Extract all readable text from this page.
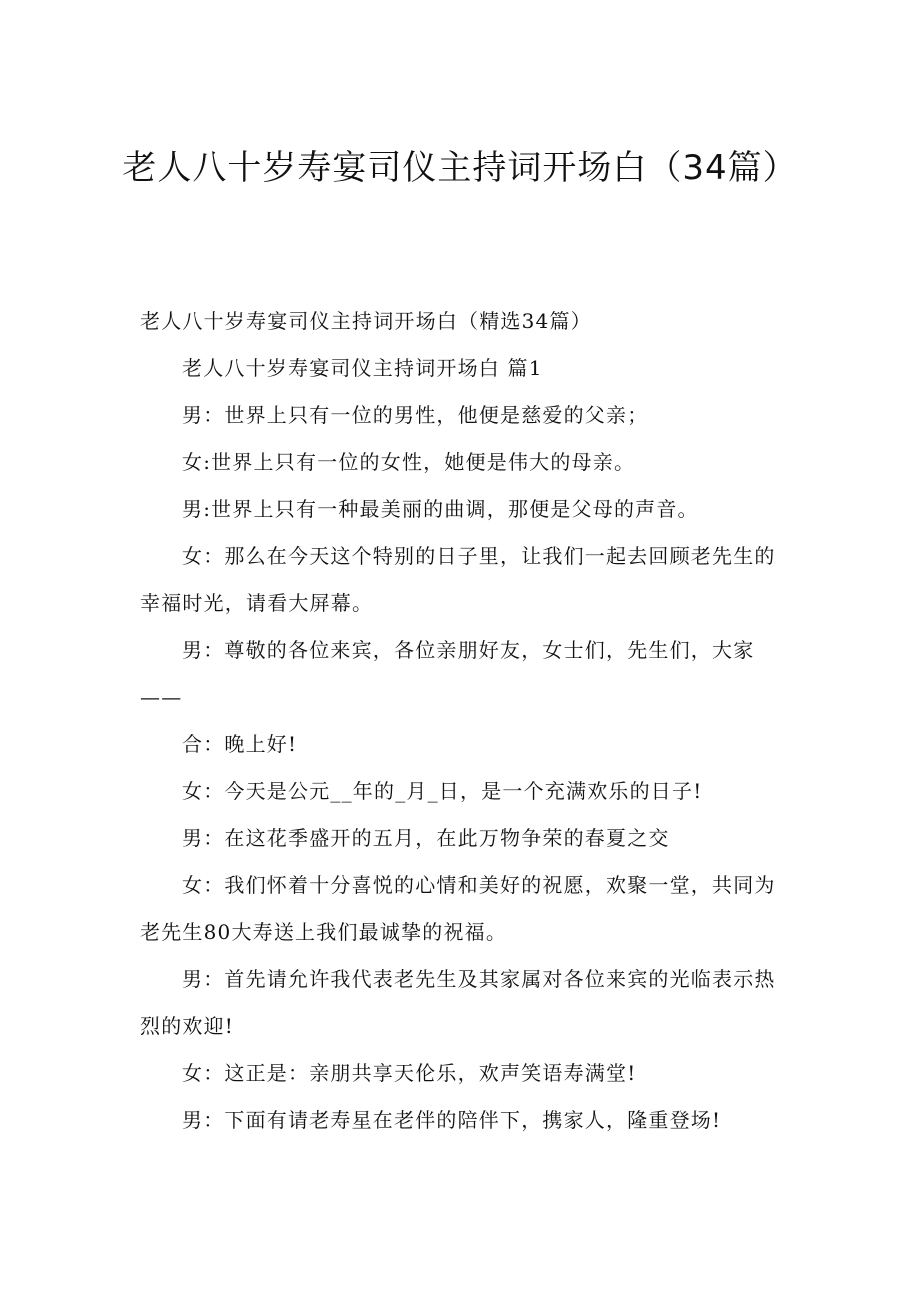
老人八十岁寿宴司仪主持词开场白（34篇）

老人八十岁寿宴司仪主持词开场白（精选34篇）

老人八十岁寿宴司仪主持词开场白 篇1

男：世界上只有一位的男性，他便是慈爱的父亲；

女:世界上只有一位的女性，她便是伟大的母亲。

男:世界上只有一种最美丽的曲调，那便是父母的声音。

女：那么在今天这个特别的日子里，让我们一起去回顾老先生的幸福时光，请看大屏幕。

男：尊敬的各位来宾，各位亲朋好友，女士们，先生们，大家——

合：晚上好!

女：今天是公元__年的_月_日，是一个充满欢乐的日子!

男：在这花季盛开的五月，在此万物争荣的春夏之交

女：我们怀着十分喜悦的心情和美好的祝愿，欢聚一堂，共同为老先生80大寿送上我们最诚挚的祝福。

男：首先请允许我代表老先生及其家属对各位来宾的光临表示热烈的欢迎!

女：这正是：亲朋共享天伦乐，欢声笑语寿满堂!

男：下面有请老寿星在老伴的陪伴下，携家人，隆重登场!
